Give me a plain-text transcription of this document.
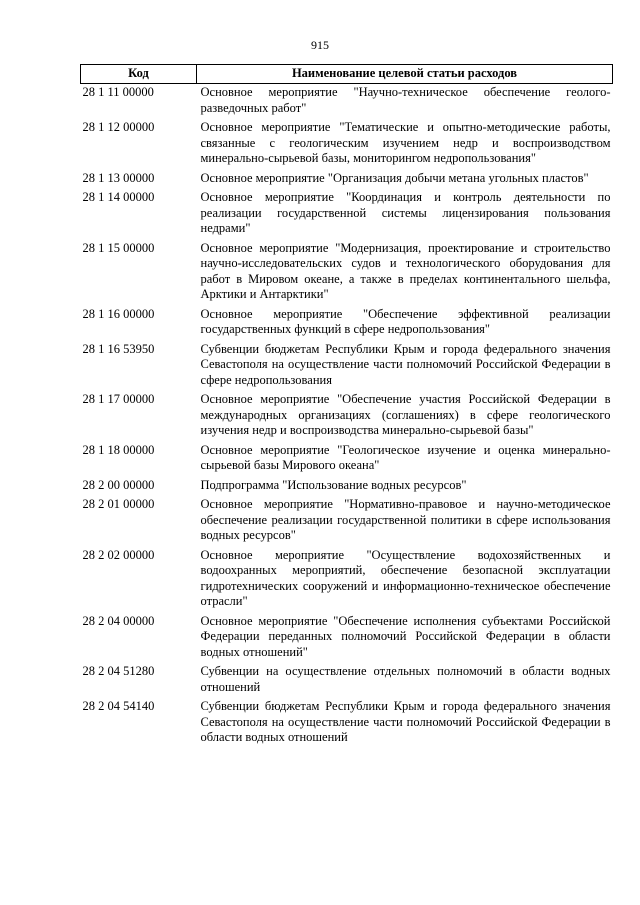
915
Код	Наименование целевой статьи расходов
28 1 11 00000	Основное мероприятие "Научно-техническое обеспечение геолого-разведочных работ"
28 1 12 00000	Основное мероприятие "Тематические и опытно-методические работы, связанные с геологическим изучением недр и воспроизводством минерально-сырьевой базы, мониторингом недропользования"
28 1 13 00000	Основное мероприятие "Организация добычи метана угольных пластов"
28 1 14 00000	Основное мероприятие "Координация и контроль деятельности по реализации государственной системы лицензирования пользования недрами"
28 1 15 00000	Основное мероприятие "Модернизация, проектирование и строительство научно-исследовательских судов и технологического оборудования для работ в Мировом океане, а также в пределах континентального шельфа, Арктики и Антарктики"
28 1 16 00000	Основное мероприятие "Обеспечение эффективной реализации государственных функций в сфере недропользования"
28 1 16 53950	Субвенции бюджетам Республики Крым и города федерального значения Севастополя на осуществление части полномочий Российской Федерации в сфере недропользования
28 1 17 00000	Основное мероприятие "Обеспечение участия Российской Федерации в международных организациях (соглашениях) в сфере геологического изучения недр и воспроизводства минерально-сырьевой базы"
28 1 18 00000	Основное мероприятие "Геологическое изучение и оценка минерально-сырьевой базы Мирового океана"
28 2 00 00000	Подпрограмма "Использование водных ресурсов"
28 2 01 00000	Основное мероприятие "Нормативно-правовое и научно-методическое обеспечение реализации государственной политики в сфере использования водных ресурсов"
28 2 02 00000	Основное мероприятие "Осуществление водохозяйственных и водоохранных мероприятий, обеспечение безопасной эксплуатации гидротехнических сооружений и информационно-техническое обеспечение отрасли"
28 2 04 00000	Основное мероприятие "Обеспечение исполнения субъектами Российской Федерации переданных полномочий Российской Федерации в области водных отношений"
28 2 04 51280	Субвенции на осуществление отдельных полномочий в области водных отношений
28 2 04 54140	Субвенции бюджетам Республики Крым и города федерального значения Севастополя на осуществление части полномочий Российской Федерации в области водных отношений
